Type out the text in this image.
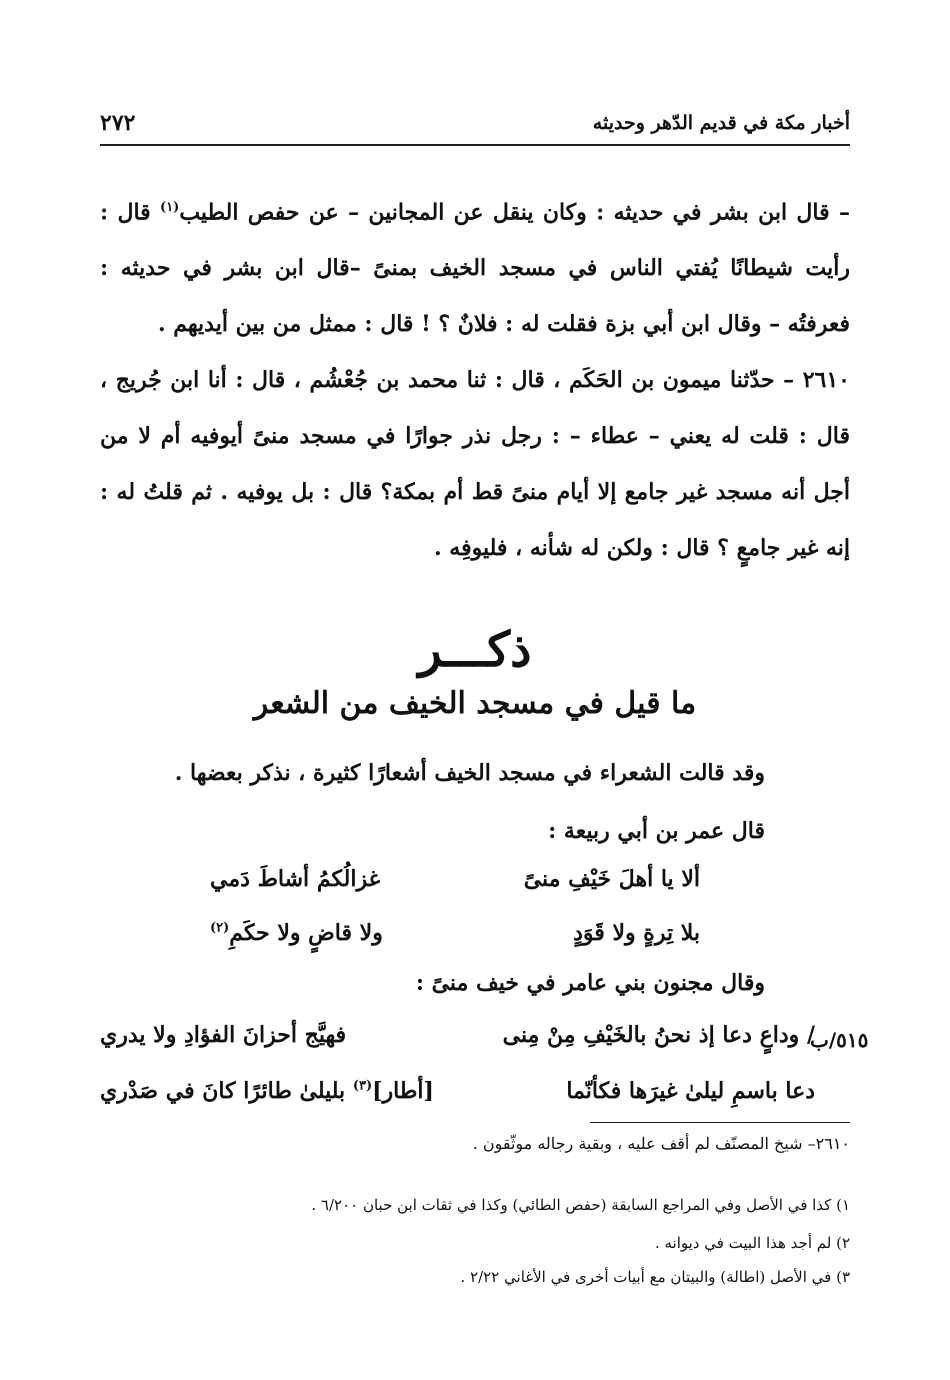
أخبار مكة في قديم الدّهر وحديثه
٢٧٢

– قال ابن بشر في حديثه : وكان ينقل عن المجانين – عن حفص الطيب$^{(١)}$ قال : رأيت شيطانًا يُفتي الناس في مسجد الخيف بمنىً –قال ابن بشر في حديثه : فعرفتُه – وقال ابن أبي بزة فقلت له : فلانٌ ؟ ! قال : ممثل من بين أيديهم .

٢٦١٠ – حدّثنا ميمون بن الحَكَم ، قال : ثنا محمد بن جُعْشُم ، قال : أنا ابن جُريج ، قال : قلت له يعني – عطاء – : رجل نذر جوارًا في مسجد منىً أيوفيه أم لا من أجل أنه مسجد غير جامع إلا أيام منىً قط أم بمكة؟ قال : بل يوفيه . ثم قلتُ له : إنه غير جامعٍ ؟ قال : ولكن له شأنه ، فليوفِه .

ذكـــر
ما قيل في مسجد الخيف من الشعر
وقد قالت الشعراء في مسجد الخيف أشعارًا كثيرة ، نذكر بعضها .
قال عمر بن أبي ربيعة :
ألا يا أهلَ خَيْفِ منىً
غزالُكمُ أشاطَ دَمي
بلا تِرةٍ ولا قَوَدٍ
ولا قاضٍ ولا حكَمِ$^{(٢)}$
وقال مجنون بني عامر في خيف منىً :
٥١٥/ب
/ وداعٍ دعا إذ نحنُ بالخَيْفِ مِنْ مِنى
فهيَّج أحزانَ الفؤادِ ولا يدري
دعا باسمِ ليلىٰ غيرَها فكأنّما
[أطار]$^{(٣)}$ بليلىٰ طائرًا كانَ في صَدْري
٢٦١٠– شيخ المصنّف لم أقف عليه ، وبقية رجاله موثّقون .
١) كذا في الأصل وفي المراجع السابقة (حفص الطائي) وكذا في ثقات ابن حبان ٦/٢٠٠ .
٢) لم أجد هذا البيت في ديوانه .
٣) في الأصل (اطالة) والبيتان مع أبيات أخرى في الأغاني ٢/٢٢ .
